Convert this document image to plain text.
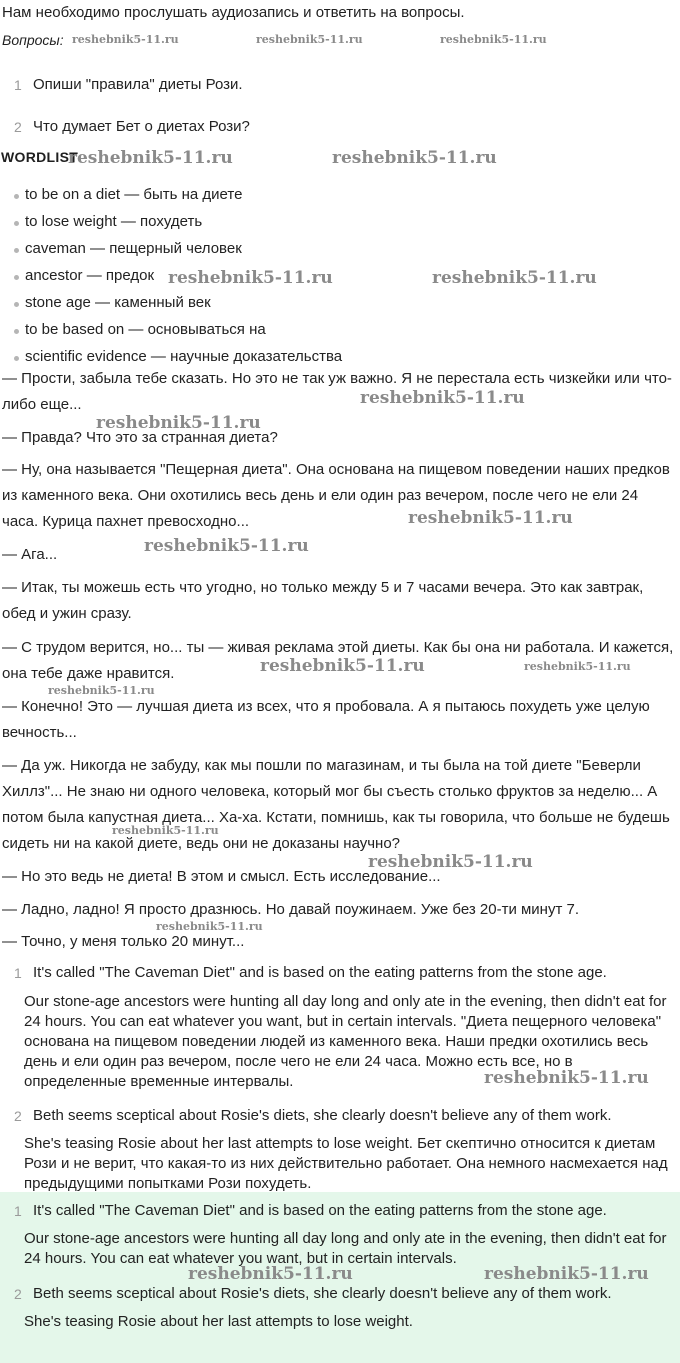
Нам необходимо прослушать аудиозапись и ответить на вопросы.
Вопросы:
1 Опиши "правила" диеты Рози.
2 Что думает Бет о диетах Рози?
WORDLIST
to be on a diet — быть на диете
to lose weight — похудеть
caveman — пещерный человек
ancestor — предок
stone age — каменный век
to be based on — основываться на
scientific evidence — научные доказательства

— Прости, забыла тебе сказать. Но это не так уж важно. Я не перестала есть чизкейки или что-либо еще...

— Правда? Что это за странная диета?

— Ну, она называется "Пещерная диета". Она основана на пищевом поведении наших предков из каменного века. Они охотились весь день и ели один раз вечером, после чего не ели 24 часа. Курица пахнет превосходно...

— Ага...

— Итак, ты можешь есть что угодно, но только между 5 и 7 часами вечера. Это как завтрак, обед и ужин сразу.

— С трудом верится, но... ты — живая реклама этой диеты. Как бы она ни работала. И кажется, она тебе даже нравится.

— Конечно! Это — лучшая диета из всех, что я пробовала. А я пытаюсь похудеть уже целую вечность...

— Да уж. Никогда не забуду, как мы пошли по магазинам, и ты была на той диете "Беверли Хиллз"... Не знаю ни одного человека, который мог бы съесть столько фруктов за неделю... А потом была капустная диета... Ха-ха. Кстати, помнишь, как ты говорила, что больше не будешь сидеть ни на какой диете, ведь они не доказаны научно?

— Но это ведь не диета! В этом и смысл. Есть исследование...

— Ладно, ладно! Я просто дразнюсь. Но давай поужинаем. Уже без 20-ти минут 7.

— Точно, у меня только 20 минут...

1 It's called "The Caveman Diet" and is based on the eating patterns from the stone age.
Our stone-age ancestors were hunting all day long and only ate in the evening, then didn't eat for 24 hours. You can eat whatever you want, but in certain intervals. "Диета пещерного человека" основана на пищевом поведении людей из каменного века. Наши предки охотились весь день и ели один раз вечером, после чего не ели 24 часа. Можно есть все, но в определенные временные интервалы.
2 Beth seems sceptical about Rosie's diets, she clearly doesn't believe any of them work.
She's teasing Rosie about her last attempts to lose weight. Бет скептично относится к диетам Рози и не верит, что какая-то из них действительно работает. Она немного насмехается над предыдущими попытками Рози похудеть.
1 It's called "The Caveman Diet" and is based on the eating patterns from the stone age.
Our stone-age ancestors were hunting all day long and only ate in the evening, then didn't eat for 24 hours. You can eat whatever you want, but in certain intervals.
2 Beth seems sceptical about Rosie's diets, she clearly doesn't believe any of them work.
She's teasing Rosie about her last attempts to lose weight.
reshebnik5-11.ru	reshebnik5-11.ru	reshebnik5-11.ru
reshebnik5-11.ru	reshebnik5-11.ru
reshebnik5-11.ru	reshebnik5-11.ru
reshebnik5-11.ru
reshebnik5-11.ru
reshebnik5-11.ru
reshebnik5-11.ru
reshebnik5-11.ru	reshebnik5-11.ru
reshebnik5-11.ru
reshebnik5-11.ru
reshebnik5-11.ru
reshebnik5-11.ru
reshebnik5-11.ru
reshebnik5-11.ru	reshebnik5-11.ru
